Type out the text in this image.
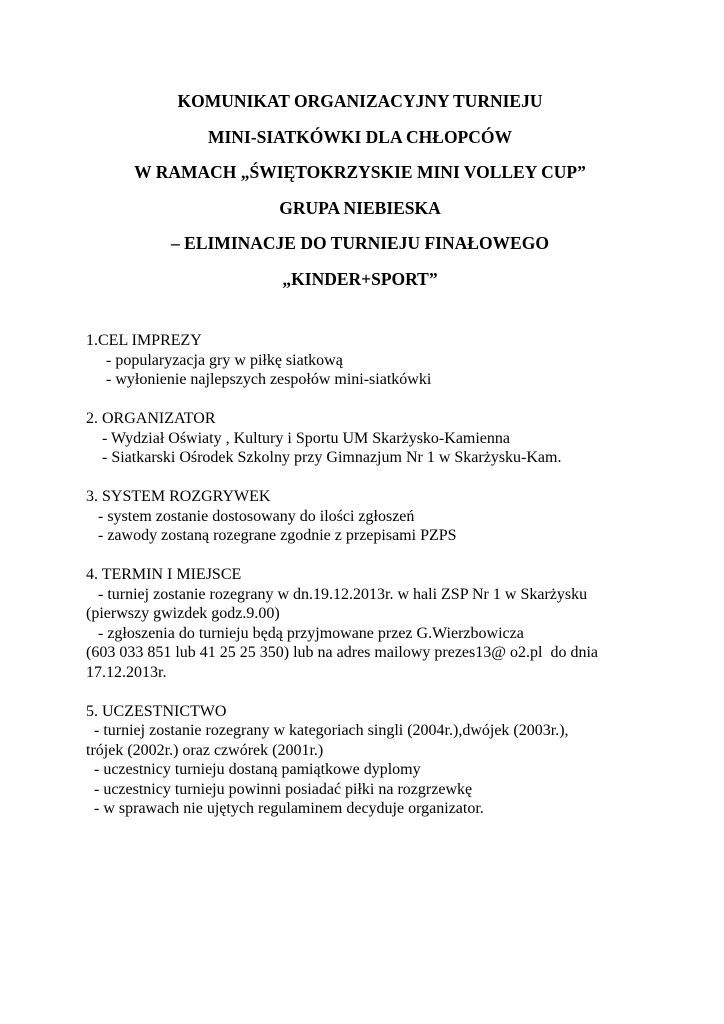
KOMUNIKAT ORGANIZACYJNY TURNIEJU
MINI-SIATKÓWKI DLA CHŁOPCÓW
W RAMACH „ŚWIĘTOKRZYSKIE MINI VOLLEY CUP”
GRUPA NIEBIESKA
– ELIMINACJE DO TURNIEJU FINAŁOWEGO
„KINDER+SPORT”
1.CEL IMPREZY
- popularyzacja gry w piłkę siatkową
- wyłonienie najlepszych zespołów mini-siatkówki
2. ORGANIZATOR
- Wydział Oświaty , Kultury i Sportu UM Skarżysko-Kamienna
- Siatkarski Ośrodek Szkolny przy Gimnazjum Nr 1 w Skarżysku-Kam.
3. SYSTEM ROZGRYWEK
- system zostanie dostosowany do ilości zgłoszeń
- zawody zostaną rozegrane zgodnie z przepisami PZPS
4. TERMIN I MIEJSCE
- turniej zostanie rozegrany w dn.19.12.2013r. w hali ZSP Nr 1 w Skarżysku
(pierwszy gwizdek godz.9.00)
- zgłoszenia do turnieju będą przyjmowane przez G.Wierzbowicza
(603 033 851 lub 41 25 25 350) lub na adres mailowy prezes13@ o2.pl  do dnia
17.12.2013r.
5. UCZESTNICTWO
- turniej zostanie rozegrany w kategoriach singli (2004r.),dwójek (2003r.),
trójek (2002r.) oraz czwórek (2001r.)
- uczestnicy turnieju dostaną pamiątkowe dyplomy
- uczestnicy turnieju powinni posiadać piłki na rozgrzewkę
- w sprawach nie ujętych regulaminem decyduje organizator.
